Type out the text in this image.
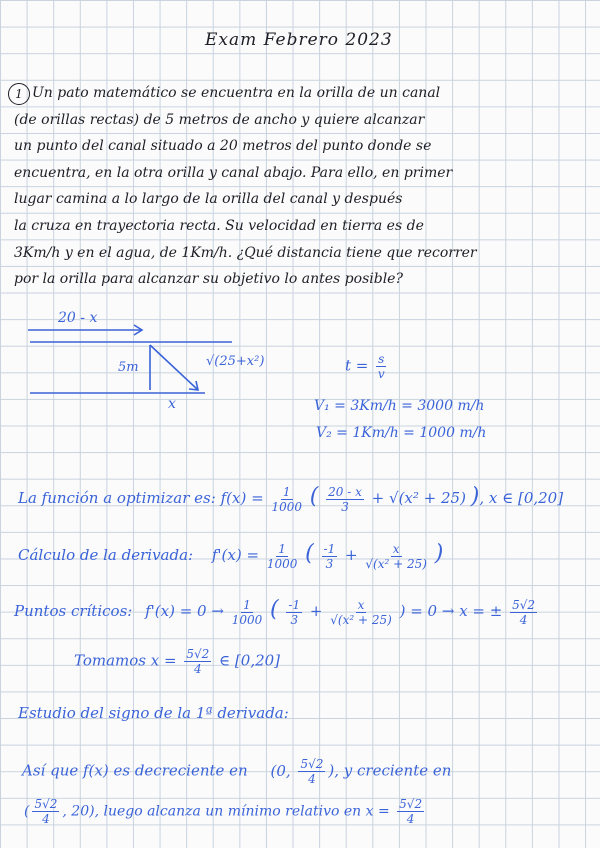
Exam Febrero 2023
1 Un pato matemático se encuentra en la orilla de un canal

(de orillas rectas) de 5 metros de ancho y quiere alcanzar

un punto del canal situado a 20 metros del punto donde se

encuentra, en la otra orilla y canal abajo. Para ello, en primer

lugar camina a lo largo de la orilla del canal y después

la cruza en trayectoria recta. Su velocidad en tierra es de

3Km/h y en el agua, de 1Km/h. ¿Qué distancia tiene que recorrer

por la orilla para alcanzar su objetivo lo antes posible?

20 - x
5m	√(25+x²)
x
$t = \frac{s}{v}$
V₁ = 3Km/h = 3000 m/h
V₂ = 1Km/h = 1000 m/h
La función a optimizar es: $f(x) = \frac{1}{1000}$ ( $\frac{20 - x}{3} + √(x^2 + 25)$ ), x ∈ [0,20]
Cálculo de la derivada: $f'(x) = \frac{1}{1000}$ ( $\frac{-1}{3} + \frac{x}{\text{√(x² + 25)}}$ )
Puntos críticos: $f'(x) = 0 \to \frac{1}{1000}$ ( $\frac{-1}{3} + \frac{x}{\text{√(x² + 25)}}$ ) = 0 → x = ± $\frac{5√2}{4}$
Tomamos $x = \frac{5√2}{4}$ ∈ [0,20]
Estudio del signo de la 1ª derivada:
Así que f(x) es decreciente en (0, $\frac{5√2}{4}$ ), y creciente en
( $\frac{5√2}{4}$ , 20), luego alcanza un mínimo relativo en $x = \frac{5√2}{4}$
